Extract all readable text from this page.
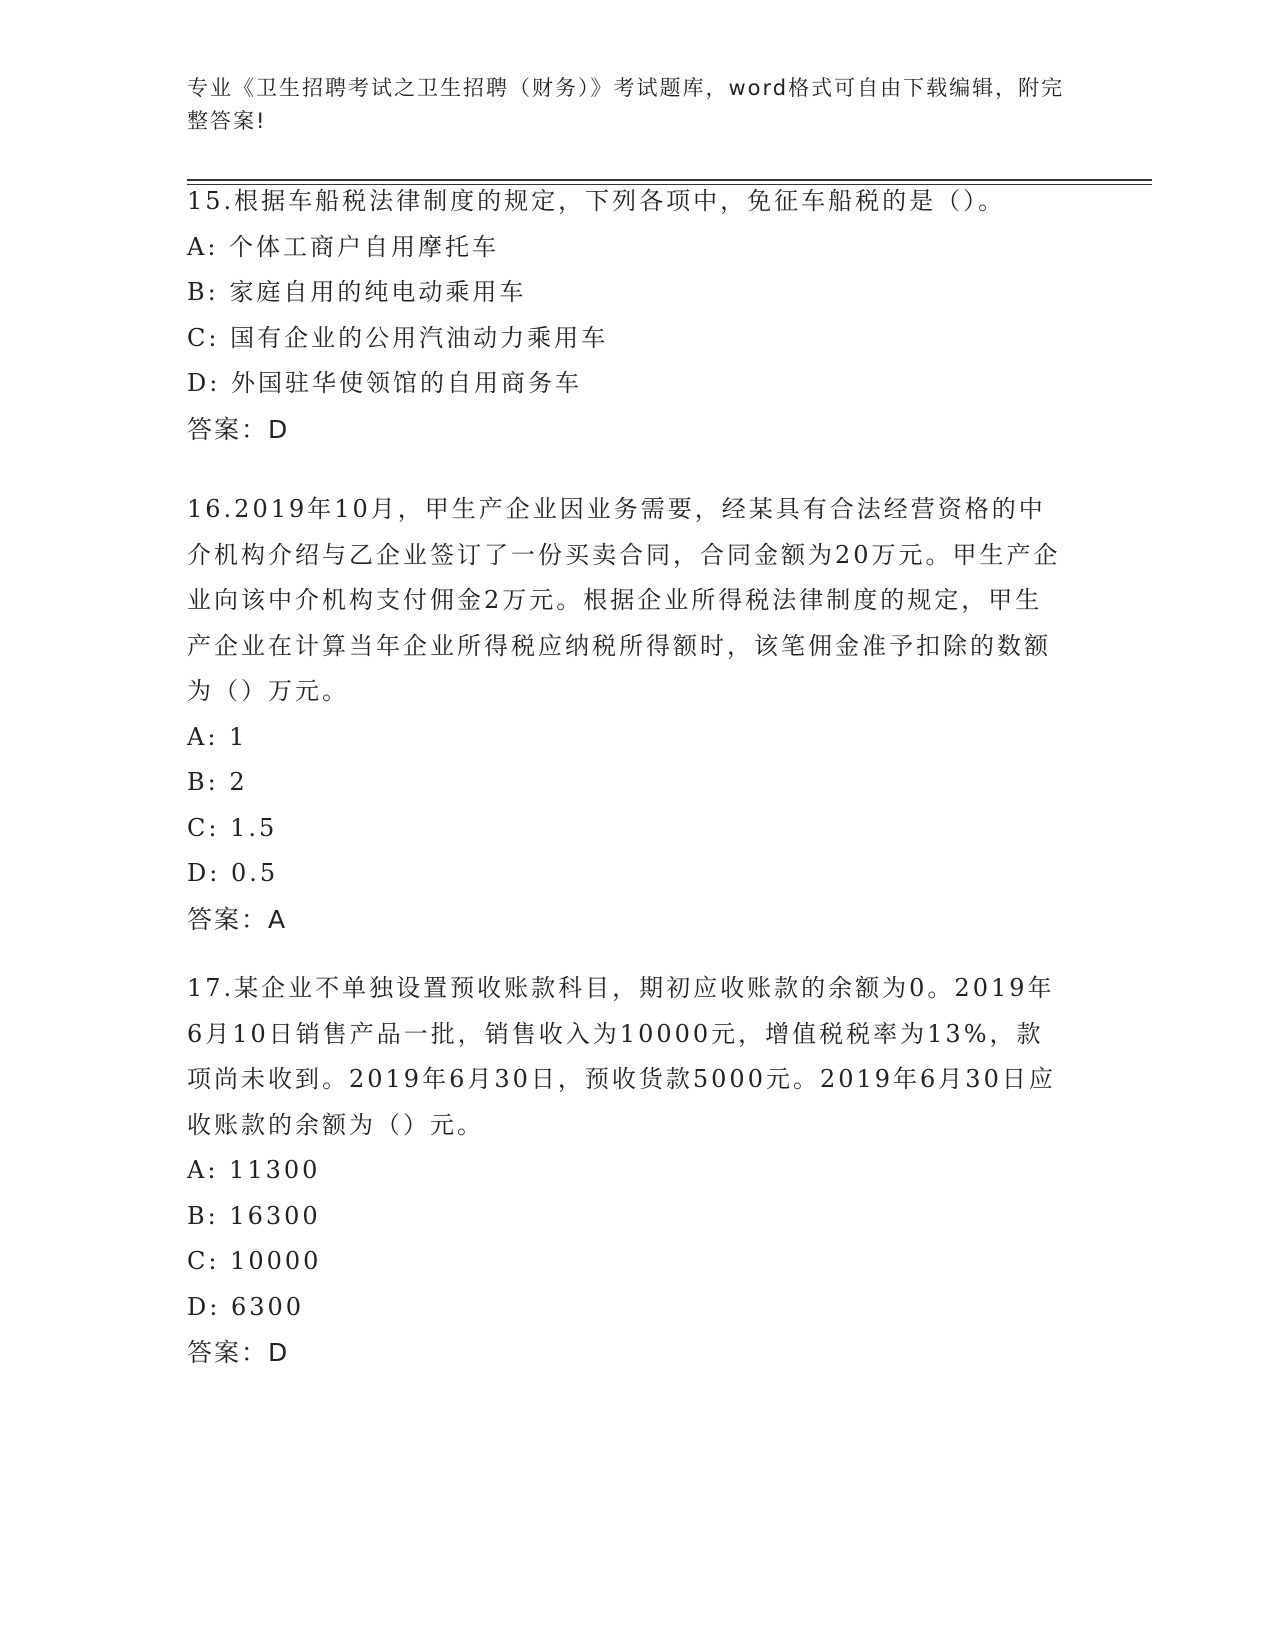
专业《卫生招聘考试之卫生招聘（财务）》考试题库，word格式可自由下载编辑，附完整答案!

15.根据车船税法律制度的规定，下列各项中，免征车船税的是（）。

A: 个体工商户自用摩托车

B: 家庭自用的纯电动乘用车

C: 国有企业的公用汽油动力乘用车

D: 外国驻华使领馆的自用商务车

答案：D

16.2019年10月，甲生产企业因业务需要，经某具有合法经营资格的中介机构介绍与乙企业签订了一份买卖合同，合同金额为20万元。甲生产企业向该中介机构支付佣金2万元。根据企业所得税法律制度的规定，甲生产企业在计算当年企业所得税应纳税所得额时，该笔佣金准予扣除的数额为（）万元。

A: 1

B: 2

C: 1.5

D: 0.5

答案：A

17.某企业不单独设置预收账款科目，期初应收账款的余额为0。2019年6月10日销售产品一批，销售收入为10000元，增值税税率为13%，款项尚未收到。2019年6月30日，预收货款5000元。2019年6月30日应收账款的余额为（）元。

A: 11300

B: 16300

C: 10000

D: 6300

答案：D
